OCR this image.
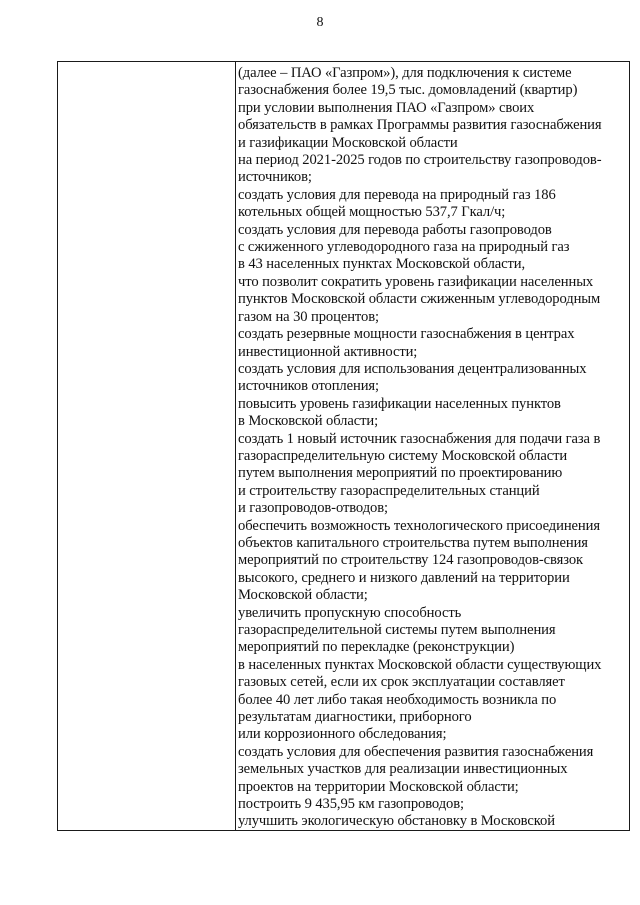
8
(далее – ПАО «Газпром»), для подключения к системе
газоснабжения более 19,5 тыс. домовладений (квартир)
при условии выполнения ПАО «Газпром» своих
обязательств в рамках Программы развития газоснабжения
и газификации Московской области
на период 2021-2025 годов по строительству газопроводов-
источников;
создать условия для перевода на природный газ 186
котельных общей мощностью 537,7 Гкал/ч;
создать условия для перевода работы газопроводов
с сжиженного углеводородного газа на природный газ
в 43 населенных пунктах Московской области,
что позволит сократить уровень газификации населенных
пунктов Московской области сжиженным углеводородным
газом на 30 процентов;
создать резервные мощности газоснабжения в центрах
инвестиционной активности;
создать условия для использования децентрализованных
источников отопления;
повысить уровень газификации населенных пунктов
в Московской области;
создать 1 новый источник газоснабжения для подачи газа в
газораспределительную систему Московской области
путем выполнения мероприятий по проектированию
и строительству газораспределительных станций
и газопроводов-отводов;
обеспечить возможность технологического присоединения
объектов капитального строительства путем выполнения
мероприятий по строительству 124 газопроводов-связок
высокого, среднего и низкого давлений на территории
Московской области;
увеличить пропускную способность
газораспределительной системы путем выполнения
мероприятий по перекладке (реконструкции)
в населенных пунктах Московской области существующих
газовых сетей, если их срок эксплуатации составляет
более 40 лет либо такая необходимость возникла по
результатам диагностики, приборного
или коррозионного обследования;
создать условия для обеспечения развития газоснабжения
земельных участков для реализации инвестиционных
проектов на территории Московской области;
построить 9 435,95 км газопроводов;
улучшить экологическую обстановку в Московской
